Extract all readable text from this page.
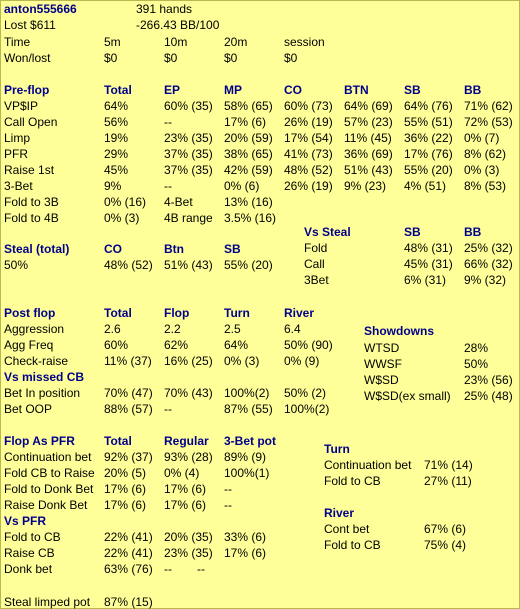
anton555666	391 hands
Lost $611	-266.43 BB/100
Time	5m	10m	20m	session
Won/lost	$0	$0	$0	$0
Pre-flop	Total	EP	MP	CO	BTN	SB	BB
VP$IP	64%	60% (35) 58% (65) 60% (73) 64% (69) 64% (76) 71% (62)
Call Open	56%	--	17% (6) 26% (19) 57% (23) 55% (51) 72% (53)
Limp	19%	23% (35) 20% (59) 17% (54) 11% (45) 36% (22) 0% (7)
PFR	29%	37% (35) 38% (65) 41% (73) 36% (69) 17% (76) 8% (62)
Raise 1st	45%	37% (35) 42% (59) 48% (52) 51% (43) 55% (20) 0% (3)
3-Bet	9%	--	0% (6) 26% (19) 9% (23) 4% (51) 8% (53)
Fold to 3B	0% (16) 4-Bet	13% (16)
Fold to 4B	0% (3) 4B range 3.5% (16)
Vs Steal	SB	BB
Fold	48% (31) 25% (32)
Call	45% (31) 66% (32)
3Bet	6% (31) 9% (32)
Steal (total)	CO	Btn	SB
50%	48% (52) 51% (43) 55% (20)
Post flop	Total	Flop	Turn	River
Aggression	2.6	2.2	2.5	6.4
Agg Freq	60%	62%	64%	50% (90)
Check-raise	11% (37) 16% (25) 0% (3) 0% (9)
Vs missed CB
Bet In position 70% (47) 70% (43) 100%(2) 50% (2)
Bet OOP	88% (57) --	87% (55) 100%(2)
Showdowns
WTSD	28%
WWSF	50%
W$SD	23% (56)
W$SD(ex small) 25% (48)
Flop As PFR Total	Regular 3-Bet pot
Continuation bet 92% (37) 93% (28) 89% (9)
Fold CB to Raise 20% (5) 0% (4) 100%(1)
Fold to Donk Bet 17% (6) 17% (6) --
Raise Donk Bet 17% (6) 17% (6) --
Vs PFR
Fold to CB	22% (41) 20% (35) 33% (6)
Raise CB	22% (41) 23% (35) 17% (6)
Donk bet	63% (76) -- --
Turn
Continuation bet 71% (14)
Fold to CB	27% (11)
River
Cont bet	67% (6)
Fold to CB	75% (4)
Steal limped pot 87% (15)
